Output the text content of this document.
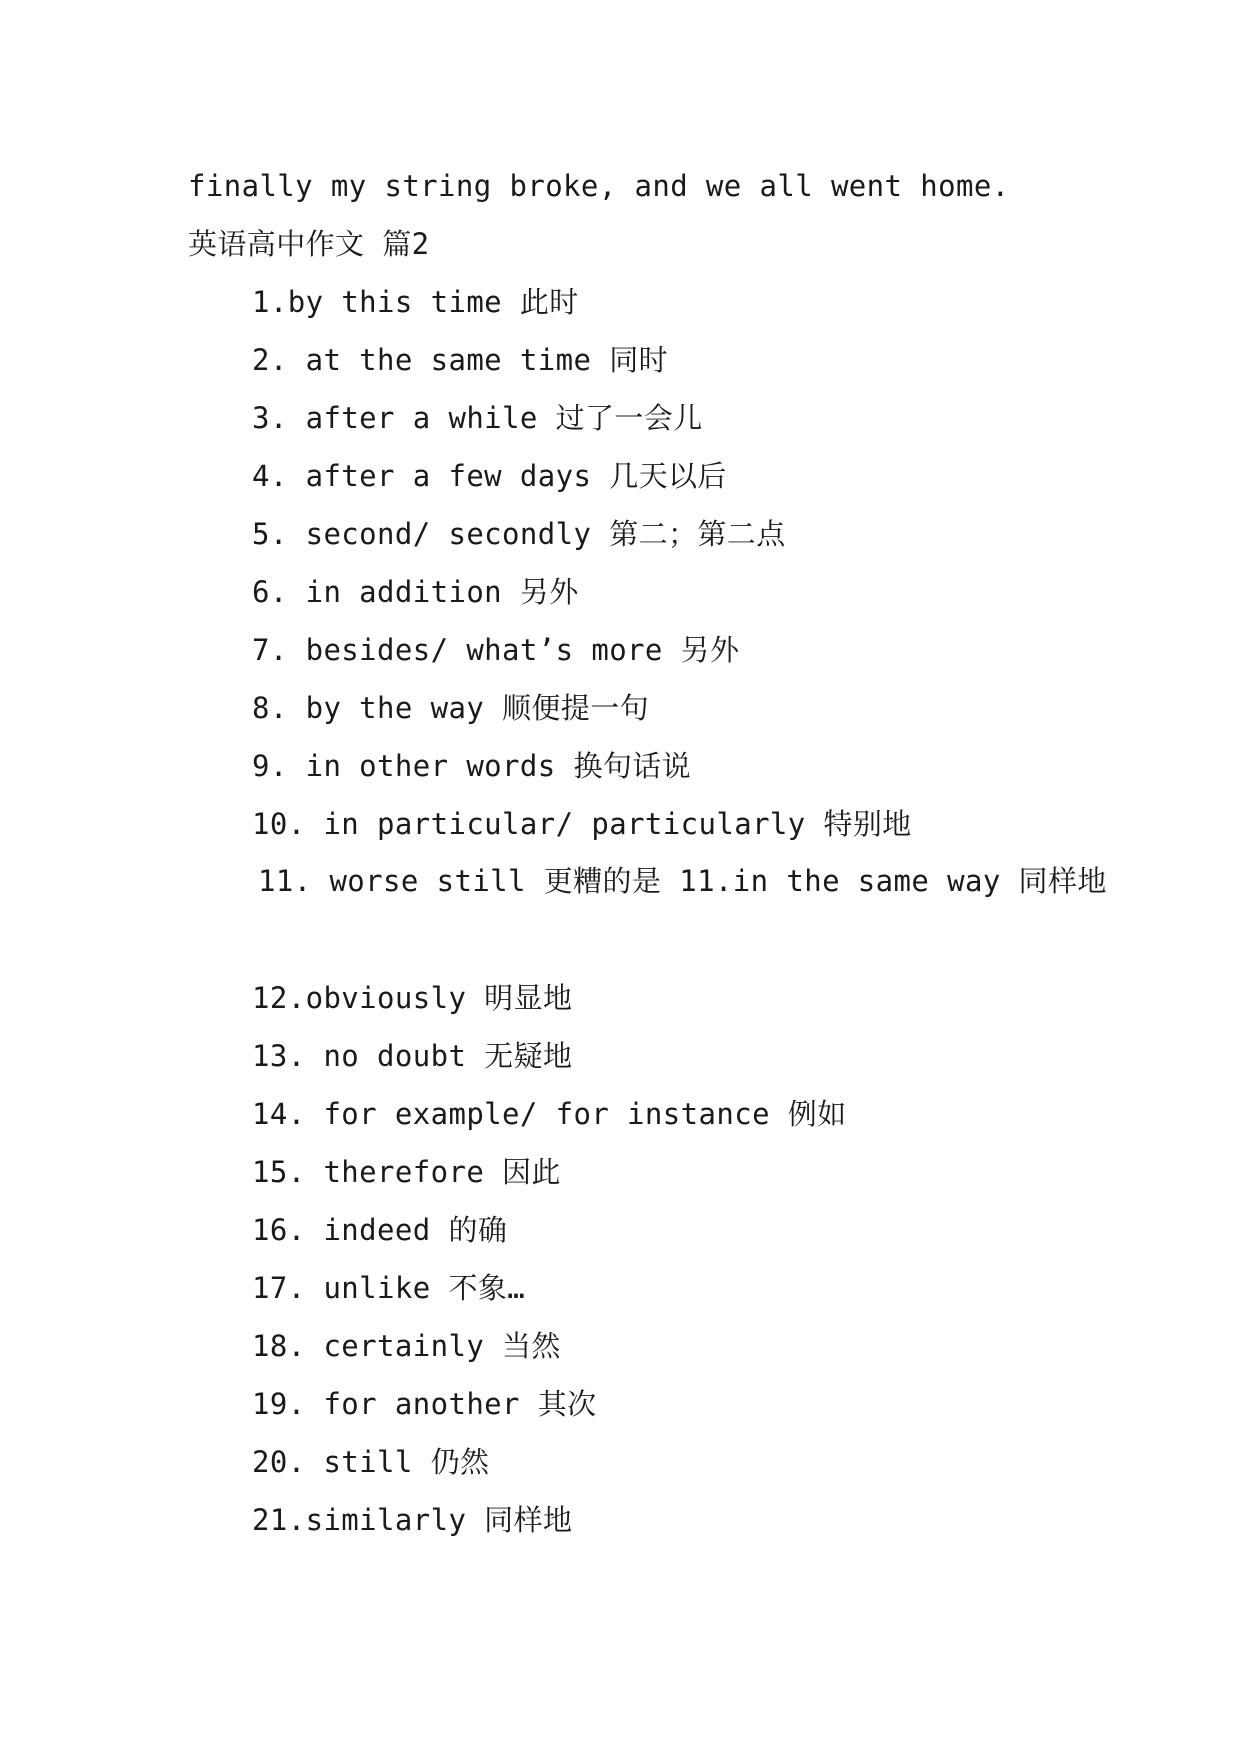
finally my string broke, and we all went home.
英语高中作文 篇2
1.by this time 此时
2. at the same time 同时
3. after a while 过了一会儿
4. after a few days 几天以后
5. second/ secondly 第二；第二点
6. in addition 另外
7. besides/ what’s more 另外
8. by the way 顺便提一句
9. in other words 换句话说
10. in particular/ particularly 特别地
11. worse still 更糟的是 11.in the same way 同样地
12.obviously 明显地
13. no doubt 无疑地
14. for example/ for instance 例如
15. therefore 因此
16. indeed 的确
17. unlike 不象…
18. certainly 当然
19. for another 其次
20. still 仍然
21.similarly 同样地
